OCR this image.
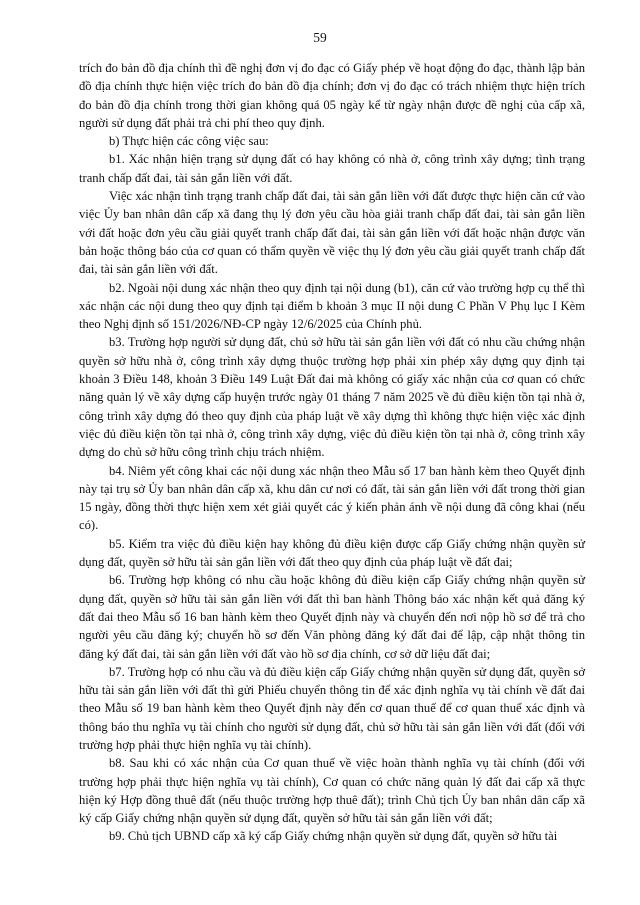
59

trích đo bản đồ địa chính thì đề nghị đơn vị đo đạc có Giấy phép về hoạt động đo đạc, thành lập bản đồ địa chính thực hiện việc trích đo bản đồ địa chính; đơn vị đo đạc có trách nhiệm thực hiện trích đo bản đồ địa chính trong thời gian không quá 05 ngày kể từ ngày nhận được đề nghị của cấp xã, người sử dụng đất phải trả chi phí theo quy định.

b) Thực hiện các công việc sau:

b1. Xác nhận hiện trạng sử dụng đất có hay không có nhà ở, công trình xây dựng; tình trạng tranh chấp đất đai, tài sản gắn liền với đất.

Việc xác nhận tình trạng tranh chấp đất đai, tài sản gắn liền với đất được thực hiện căn cứ vào việc Ủy ban nhân dân cấp xã đang thụ lý đơn yêu cầu hòa giải tranh chấp đất đai, tài sản gắn liền với đất hoặc đơn yêu cầu giải quyết tranh chấp đất đai, tài sản gắn liền với đất hoặc nhận được văn bản hoặc thông báo của cơ quan có thẩm quyền về việc thụ lý đơn yêu cầu giải quyết tranh chấp đất đai, tài sản gắn liền với đất.

b2. Ngoài nội dung xác nhận theo quy định tại nội dung (b1), căn cứ vào trường hợp cụ thể thì xác nhận các nội dung theo quy định tại điểm b khoản 3 mục II nội dung C Phần V Phụ lục I Kèm theo Nghị định số 151/2026/NĐ-CP ngày 12/6/2025 của Chính phủ.

b3. Trường hợp người sử dụng đất, chủ sở hữu tài sản gắn liền với đất có nhu cầu chứng nhận quyền sở hữu nhà ở, công trình xây dựng thuộc trường hợp phải xin phép xây dựng quy định tại khoản 3 Điều 148, khoản 3 Điều 149 Luật Đất đai mà không có giấy xác nhận của cơ quan có chức năng quản lý về xây dựng cấp huyện trước ngày 01 tháng 7 năm 2025 về đủ điều kiện tồn tại nhà ở, công trình xây dựng đó theo quy định của pháp luật về xây dựng thì không thực hiện việc xác định việc đủ điều kiện tồn tại nhà ở, công trình xây dựng, việc đủ điều kiện tồn tại nhà ở, công trình xây dựng do chủ sở hữu công trình chịu trách nhiệm.

b4. Niêm yết công khai các nội dung xác nhận theo Mẫu số 17 ban hành kèm theo Quyết định này tại trụ sở Ủy ban nhân dân cấp xã, khu dân cư nơi có đất, tài sản gắn liền với đất trong thời gian 15 ngày, đồng thời thực hiện xem xét giải quyết các ý kiến phản ánh về nội dung đã công khai (nếu có).

b5. Kiểm tra việc đủ điều kiện hay không đủ điều kiện được cấp Giấy chứng nhận quyền sử dụng đất, quyền sở hữu tài sản gắn liền với đất theo quy định của pháp luật về đất đai;

b6. Trường hợp không có nhu cầu hoặc không đủ điều kiện cấp Giấy chứng nhận quyền sử dụng đất, quyền sở hữu tài sản gắn liền với đất thì ban hành Thông báo xác nhận kết quả đăng ký đất đai theo Mẫu số 16 ban hành kèm theo Quyết định này và chuyển đến nơi nộp hồ sơ để trả cho người yêu cầu đăng ký; chuyển hồ sơ đến Văn phòng đăng ký đất đai để lập, cập nhật thông tin đăng ký đất đai, tài sản gắn liền với đất vào hồ sơ địa chính, cơ sở dữ liệu đất đai;

b7. Trường hợp có nhu cầu và đủ điều kiện cấp Giấy chứng nhận quyền sử dụng đất, quyền sở hữu tài sản gắn liền với đất thì gửi Phiếu chuyển thông tin để xác định nghĩa vụ tài chính về đất đai theo Mẫu số 19 ban hành kèm theo Quyết định này đến cơ quan thuế để cơ quan thuế xác định và thông báo thu nghĩa vụ tài chính cho người sử dụng đất, chủ sở hữu tài sản gắn liền với đất (đối với trường hợp phải thực hiện nghĩa vụ tài chính).

b8. Sau khi có xác nhận của Cơ quan thuế về việc hoàn thành nghĩa vụ tài chính (đối với trường hợp phải thực hiện nghĩa vụ tài chính), Cơ quan có chức năng quản lý đất đai cấp xã thực hiện ký Hợp đồng thuê đất (nếu thuộc trường hợp thuê đất); trình Chủ tịch Ủy ban nhân dân cấp xã ký cấp Giấy chứng nhận quyền sử dụng đất, quyền sở hữu tài sản gắn liền với đất;

b9. Chủ tịch UBND cấp xã ký cấp Giấy chứng nhận quyền sử dụng đất, quyền sở hữu tài
